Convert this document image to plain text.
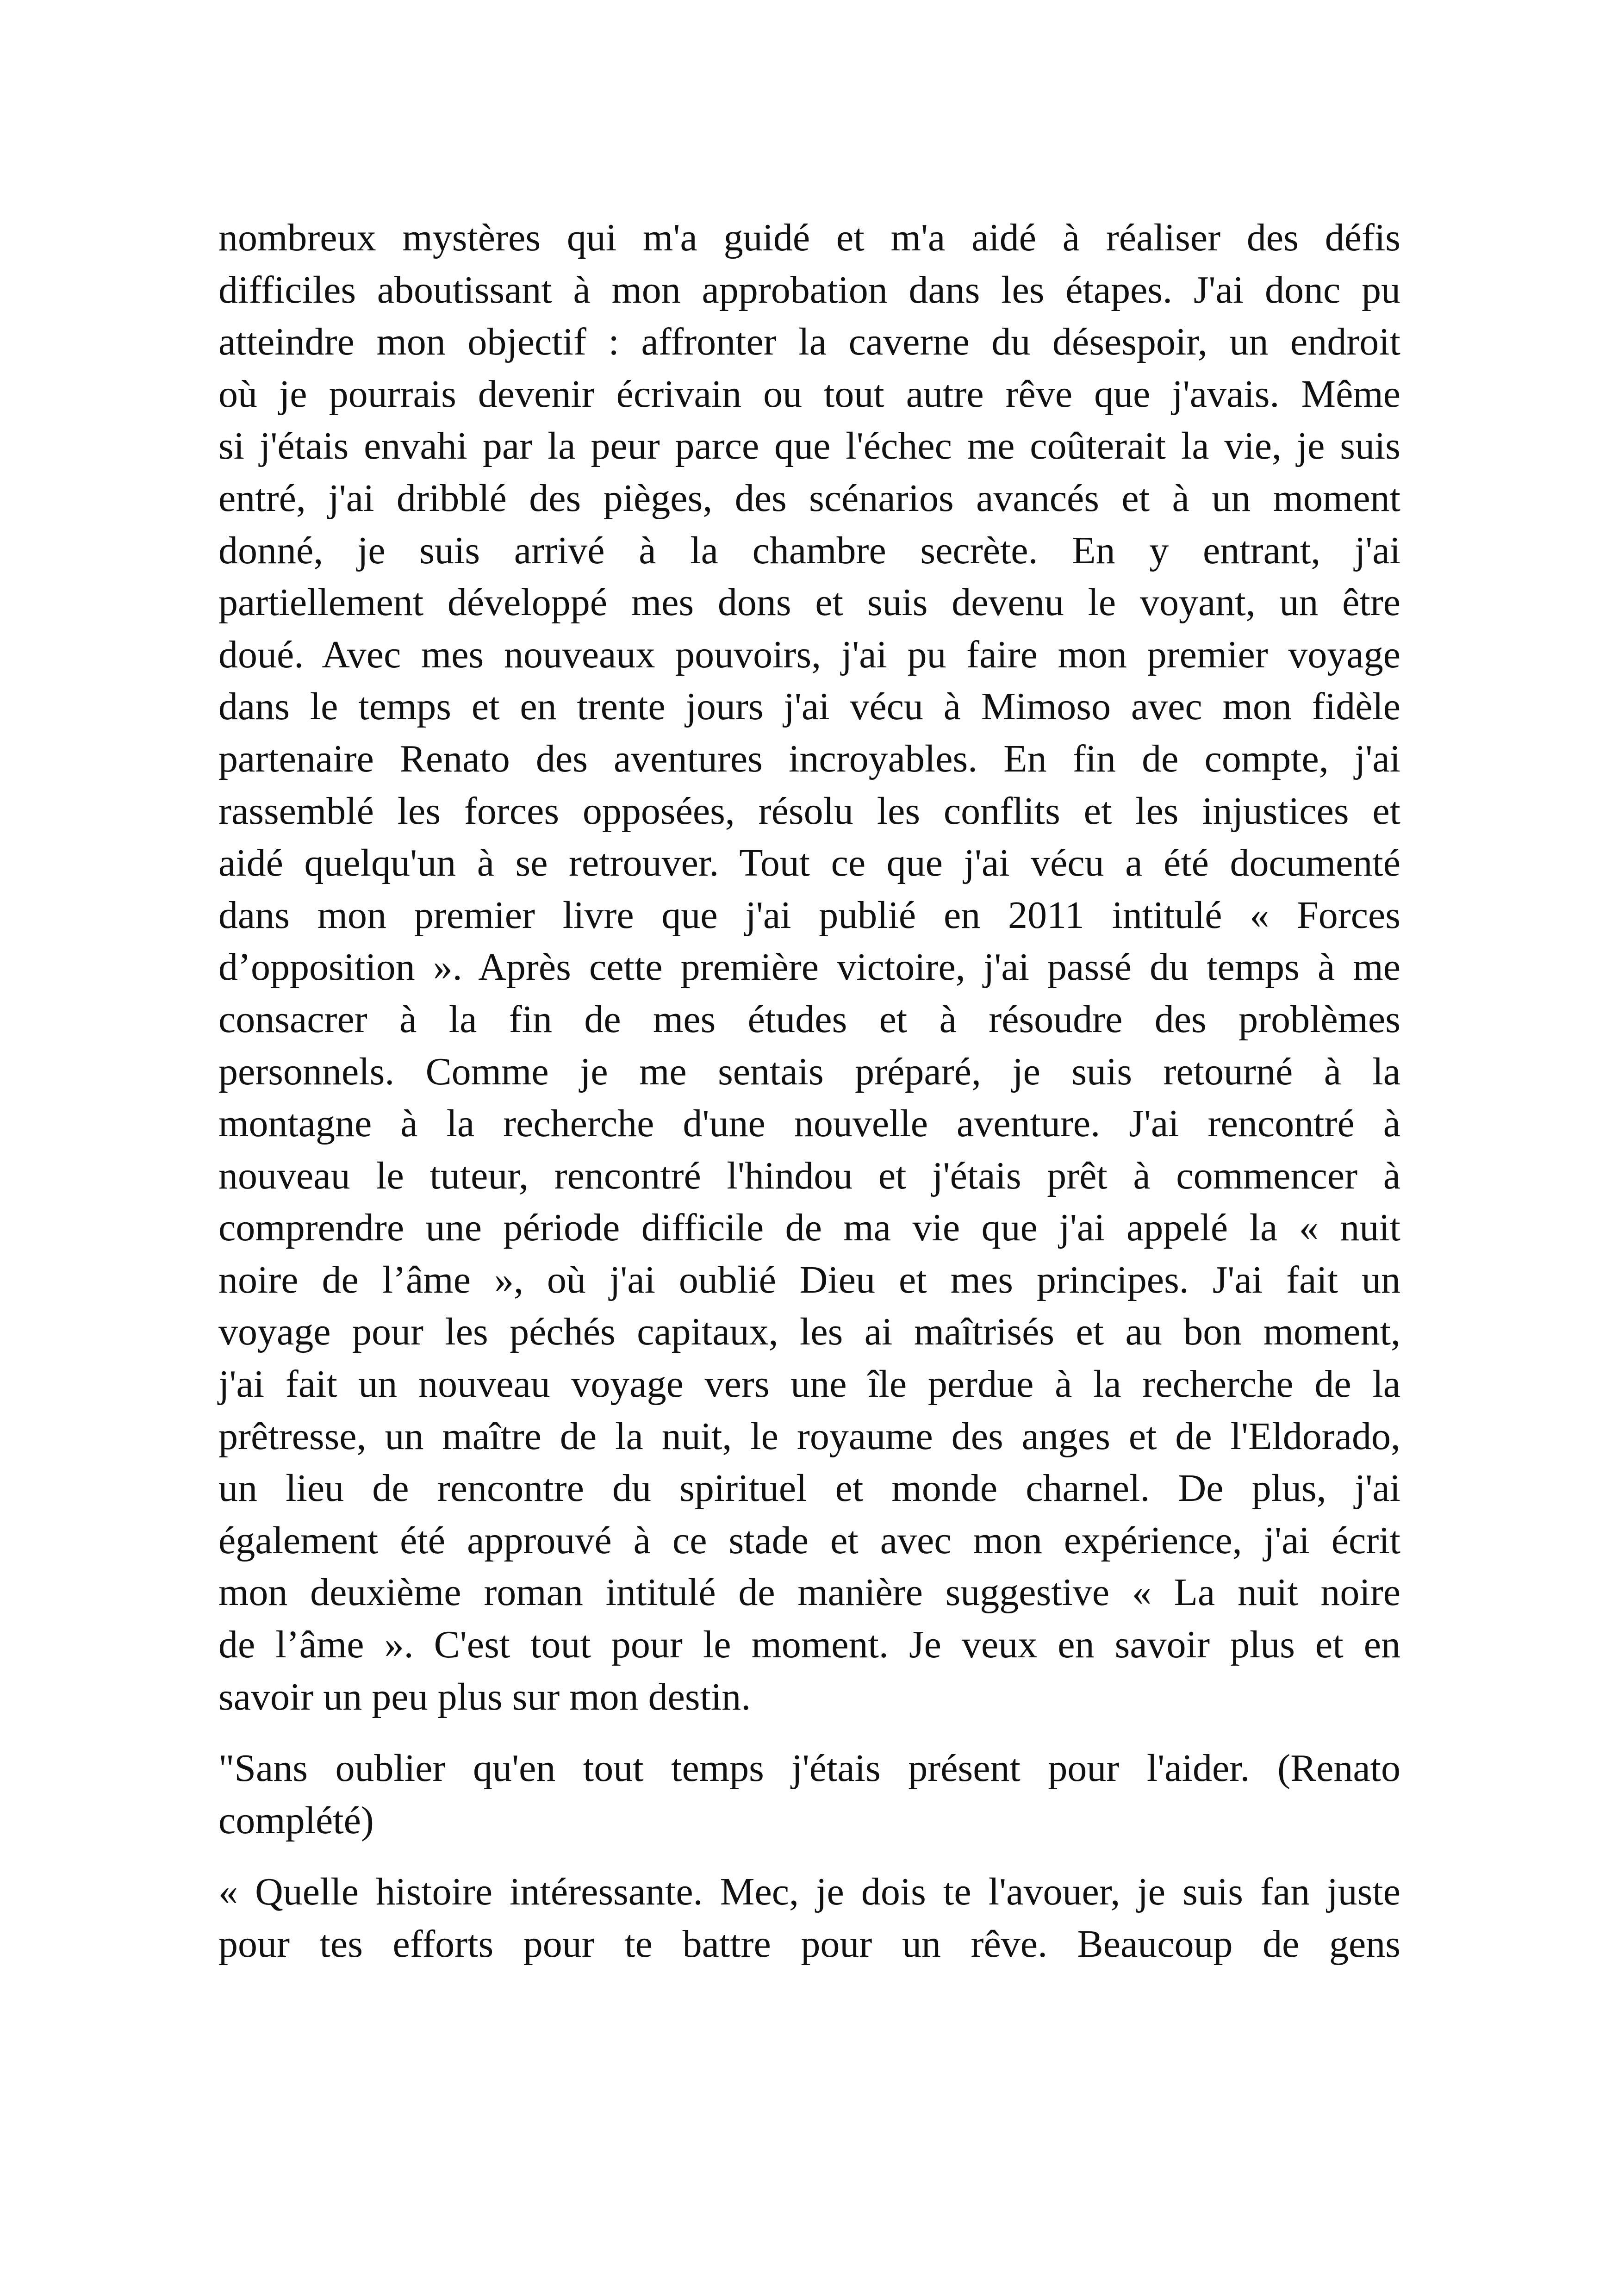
nombreux mystères qui m'a guidé et m'a aidé à réaliser des défis
difficiles aboutissant à mon approbation dans les étapes. J'ai donc pu
atteindre mon objectif : affronter la caverne du désespoir, un endroit
où je pourrais devenir écrivain ou tout autre rêve que j'avais. Même
si j'étais envahi par la peur parce que l'échec me coûterait la vie, je suis
entré, j'ai dribblé des pièges, des scénarios avancés et à un moment
donné, je suis arrivé à la chambre secrète. En y entrant, j'ai
partiellement développé mes dons et suis devenu le voyant, un être
doué. Avec mes nouveaux pouvoirs, j'ai pu faire mon premier voyage
dans le temps et en trente jours j'ai vécu à Mimoso avec mon fidèle
partenaire Renato des aventures incroyables. En fin de compte, j'ai
rassemblé les forces opposées, résolu les conflits et les injustices et
aidé quelqu'un à se retrouver. Tout ce que j'ai vécu a été documenté
dans mon premier livre que j'ai publié en 2011 intitulé « Forces
d’opposition ». Après cette première victoire, j'ai passé du temps à me
consacrer à la fin de mes études et à résoudre des problèmes
personnels. Comme je me sentais préparé, je suis retourné à la
montagne à la recherche d'une nouvelle aventure. J'ai rencontré à
nouveau le tuteur, rencontré l'hindou et j'étais prêt à commencer à
comprendre une période difficile de ma vie que j'ai appelé la « nuit
noire de l’âme », où j'ai oublié Dieu et mes principes. J'ai fait un
voyage pour les péchés capitaux, les ai maîtrisés et au bon moment,
j'ai fait un nouveau voyage vers une île perdue à la recherche de la
prêtresse, un maître de la nuit, le royaume des anges et de l'Eldorado,
un lieu de rencontre du spirituel et monde charnel. De plus, j'ai
également été approuvé à ce stade et avec mon expérience, j'ai écrit
mon deuxième roman intitulé de manière suggestive « La nuit noire
de l’âme ». C'est tout pour le moment. Je veux en savoir plus et en
savoir un peu plus sur mon destin.

"Sans oublier qu'en tout temps j'étais présent pour l'aider. (Renato
complété)

« Quelle histoire intéressante. Mec, je dois te l'avouer, je suis fan juste
pour tes efforts pour te battre pour un rêve. Beaucoup de gens
